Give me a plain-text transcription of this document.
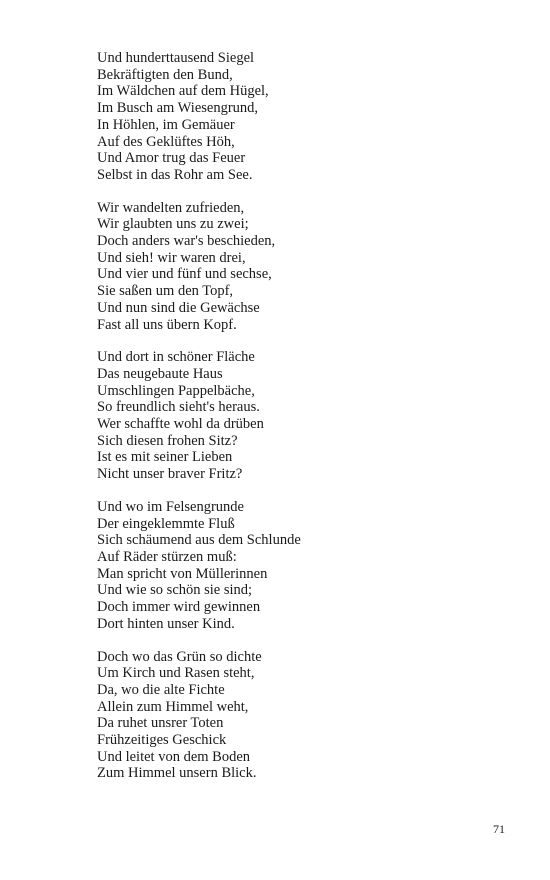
Und hunderttausend Siegel
Bekräftigten den Bund,
Im Wäldchen auf dem Hügel,
Im Busch am Wiesengrund,
In Höhlen, im Gemäuer
Auf des Geklüftes Höh,
Und Amor trug das Feuer
Selbst in das Rohr am See.
Wir wandelten zufrieden,
Wir glaubten uns zu zwei;
Doch anders war's beschieden,
Und sieh! wir waren drei,
Und vier und fünf und sechse,
Sie saßen um den Topf,
Und nun sind die Gewächse
Fast all uns übern Kopf.
Und dort in schöner Fläche
Das neugebaute Haus
Umschlingen Pappelbäche,
So freundlich sieht's heraus.
Wer schaffte wohl da drüben
Sich diesen frohen Sitz?
Ist es mit seiner Lieben
Nicht unser braver Fritz?
Und wo im Felsengrunde
Der eingeklemmte Fluß
Sich schäumend aus dem Schlunde
Auf Räder stürzen muß:
Man spricht von Müllerinnen
Und wie so schön sie sind;
Doch immer wird gewinnen
Dort hinten unser Kind.
Doch wo das Grün so dichte
Um Kirch und Rasen steht,
Da, wo die alte Fichte
Allein zum Himmel weht,
Da ruhet unsrer Toten
Frühzeitiges Geschick
Und leitet von dem Boden
Zum Himmel unsern Blick.
71
